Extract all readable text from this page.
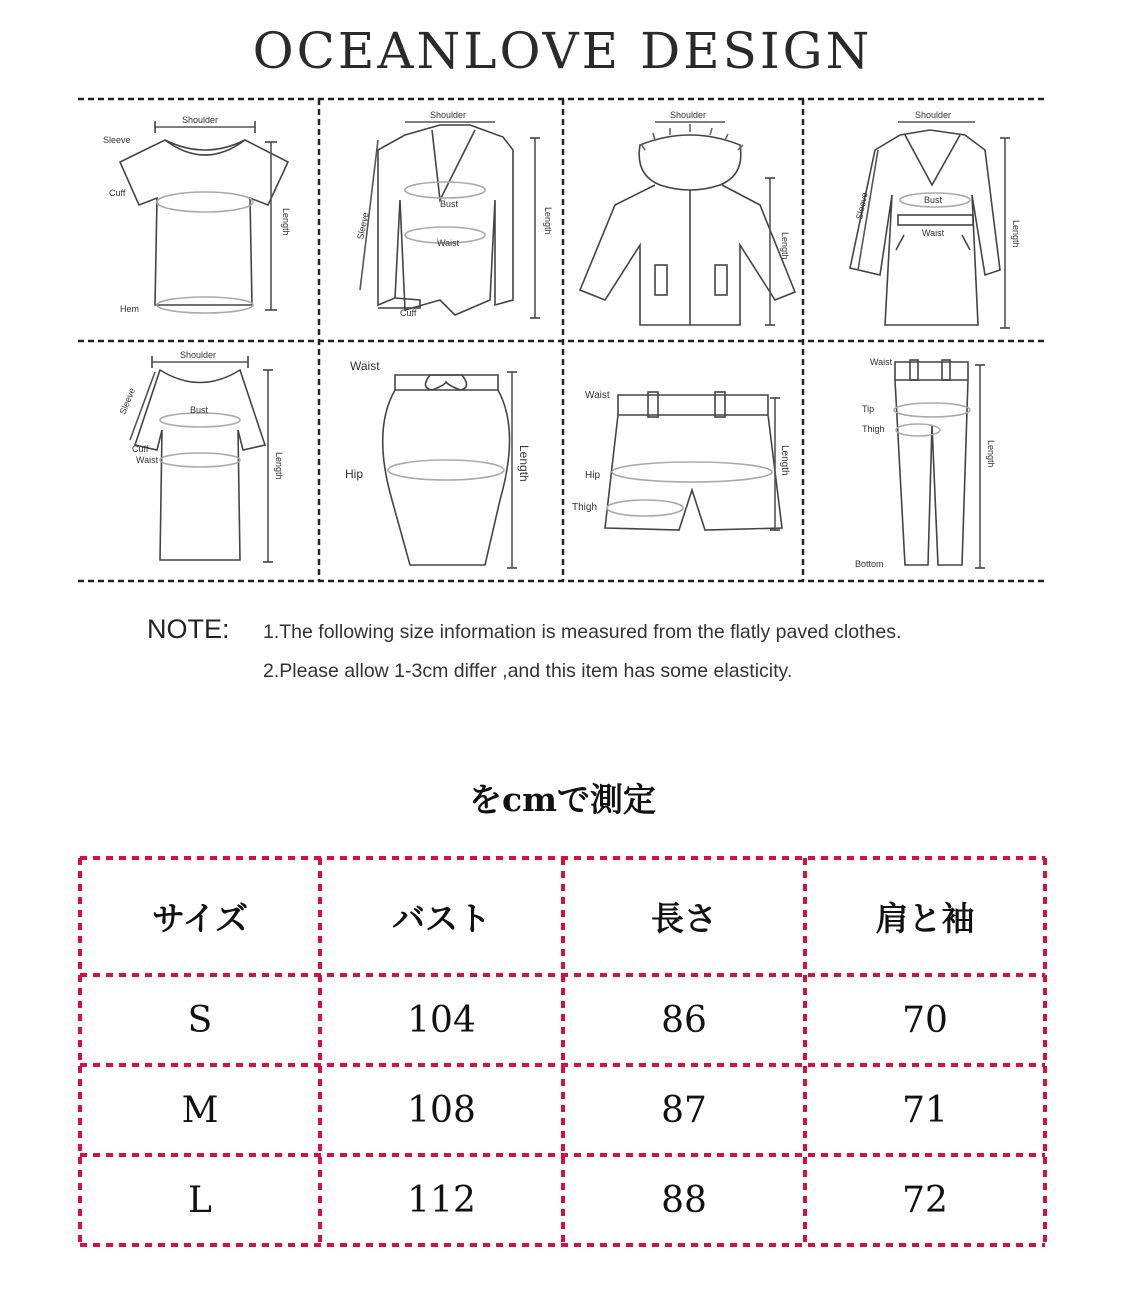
OCEANLOVE DESIGN
Shoulder
Sleeve
Cuff
Hem
Length
Shoulder
Sleeve
Bust
Waist
Cuff
Length
Shoulder
Length
Shoulder
Sleeve	Bust
Waist	Length
Shoulder
Sleeve	Bust
Cuff
Waist	Length
Waist
Hip	Length
Waist
Hip
Thigh
Length
Waist
Tip
Thigh
Bottom
Length
NOTE: 1.The following size information is measured from the flatly paved clothes.
2.Please allow 1-3cm differ ,and this item has some elasticity.
をcmで測定
サイズ	バスト	長さ	肩と袖
S	104	86	70
M	108	87	71
L	112	88	72
